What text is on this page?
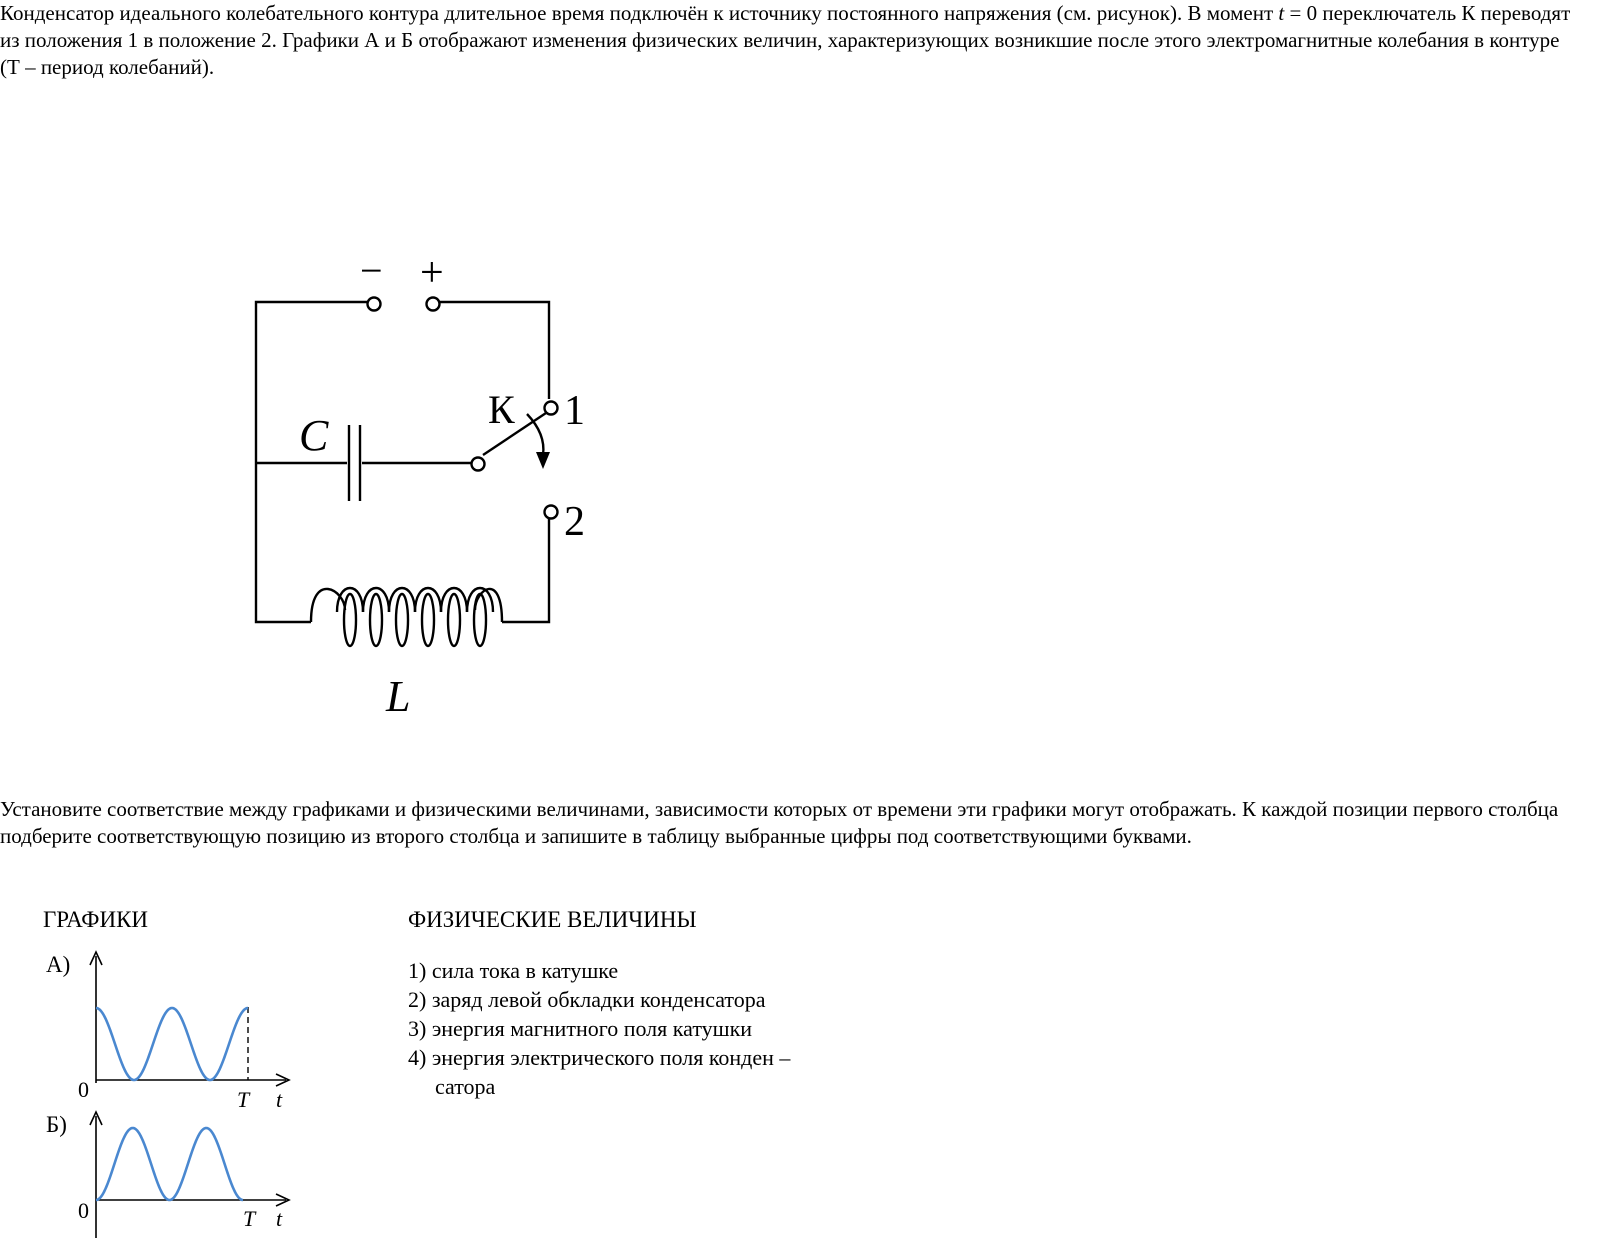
Конденсатор идеального колебательного контура длительное время подключён к источнику постоянного напряжения (см. рисунок). В момент t = 0 переключатель К переводят из положения 1 в положение 2. Графики А и Б отображают изменения физических величин, характеризующих возникшие после этого электромагнитные колебания в контуре (Т – период колебаний).

− +
C
К 1
2
L
А)
0	T t
Б)
0	T t

Установите соответствие между графиками и физическими величинами, зависимости которых от времени эти графики могут отображать. К каждой позиции первого столбца подберите соответствующую позицию из второго столбца и запишите в таблицу выбранные цифры под соответствующими буквами.

ГРАФИКИ	ФИЗИЧЕСКИЕ ВЕЛИЧИНЫ
1) сила тока в катушке
2) заряд левой обкладки конденсатора
3) энергия магнитного поля катушки
4) энергия электрического поля конден –
сатора
